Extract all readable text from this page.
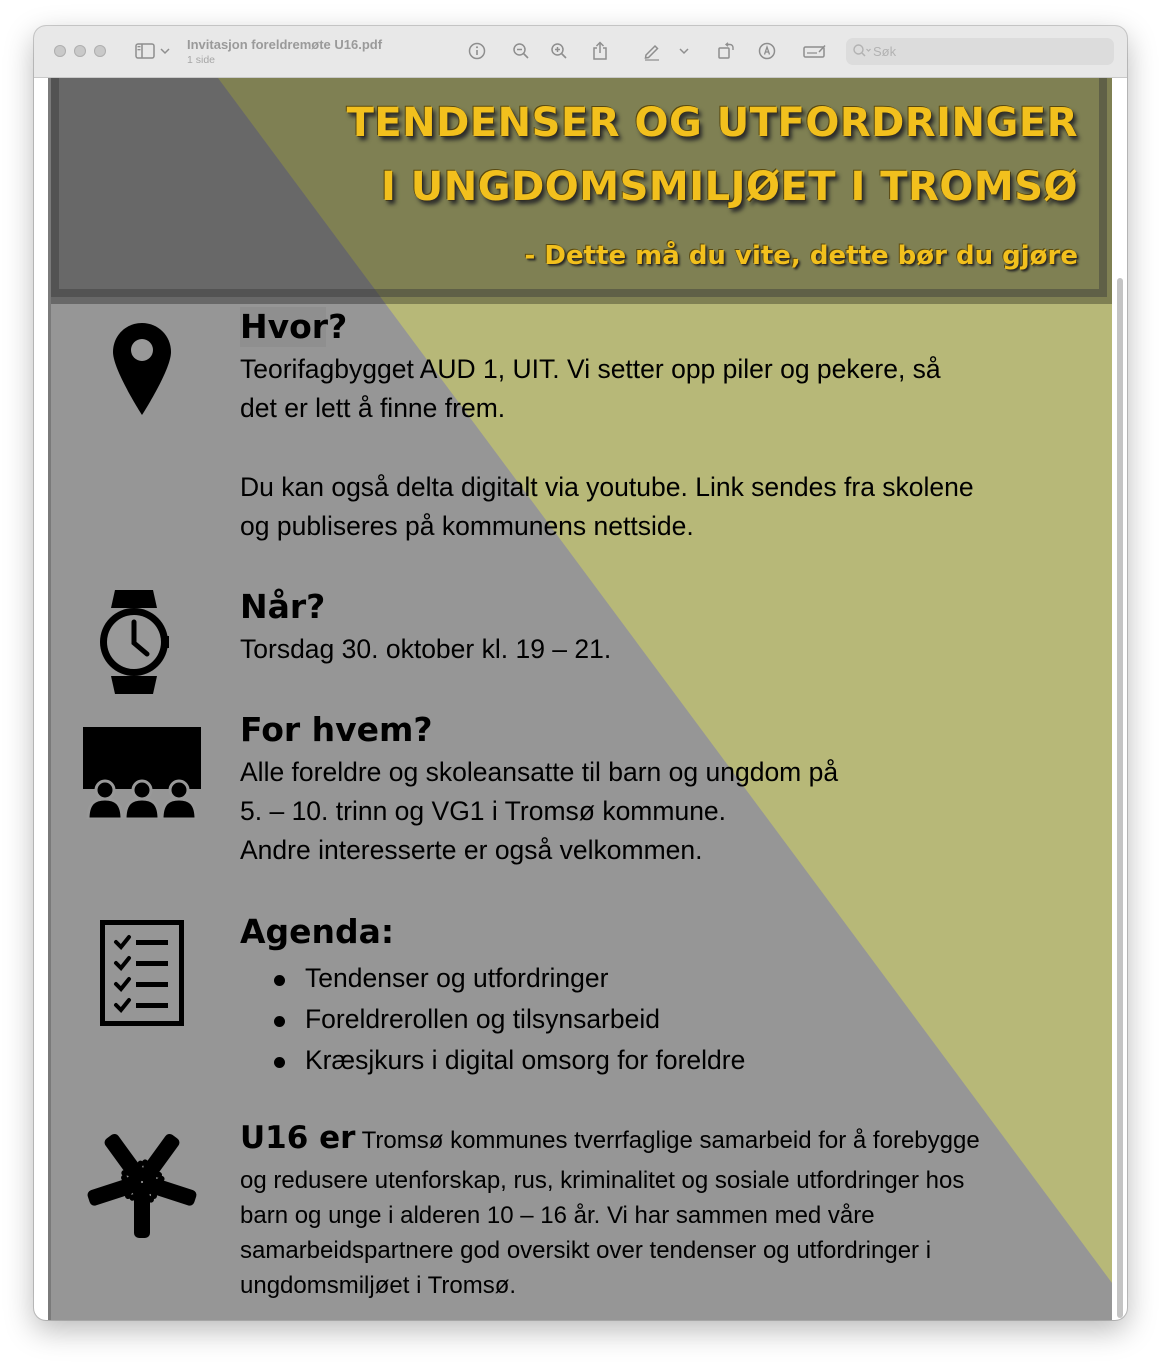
Invitasjon foreldremøte U16.pdf
1 side
Søk
TENDENSER OG UTFORDRINGER
I UNGDOMSMILJØET I TROMSØ
- Dette må du vite, dette bør du gjøre
Hvor?
Teorifagbygget AUD 1, UIT. Vi setter opp piler og pekere, så
det er lett å finne frem.
Du kan også delta digitalt via youtube. Link sendes fra skolene
og publiseres på kommunens nettside.
Når?
Torsdag 30. oktober kl. 19 – 21.
For hvem?
Alle foreldre og skoleansatte til barn og ungdom på
5. – 10. trinn og VG1 i Tromsø kommune.
Andre interesserte er også velkommen.
Agenda:
Tendenser og utfordringer
Foreldrerollen og tilsynsarbeid
Kræsjkurs i digital omsorg for foreldre
U16 er Tromsø kommunes tverrfaglige samarbeid for å forebygge
og redusere utenforskap, rus, kriminalitet og sosiale utfordringer hos
barn og unge i alderen 10 – 16 år. Vi har sammen med våre
samarbeidspartnere god oversikt over tendenser og utfordringer i
ungdomsmiljøet i Tromsø.
